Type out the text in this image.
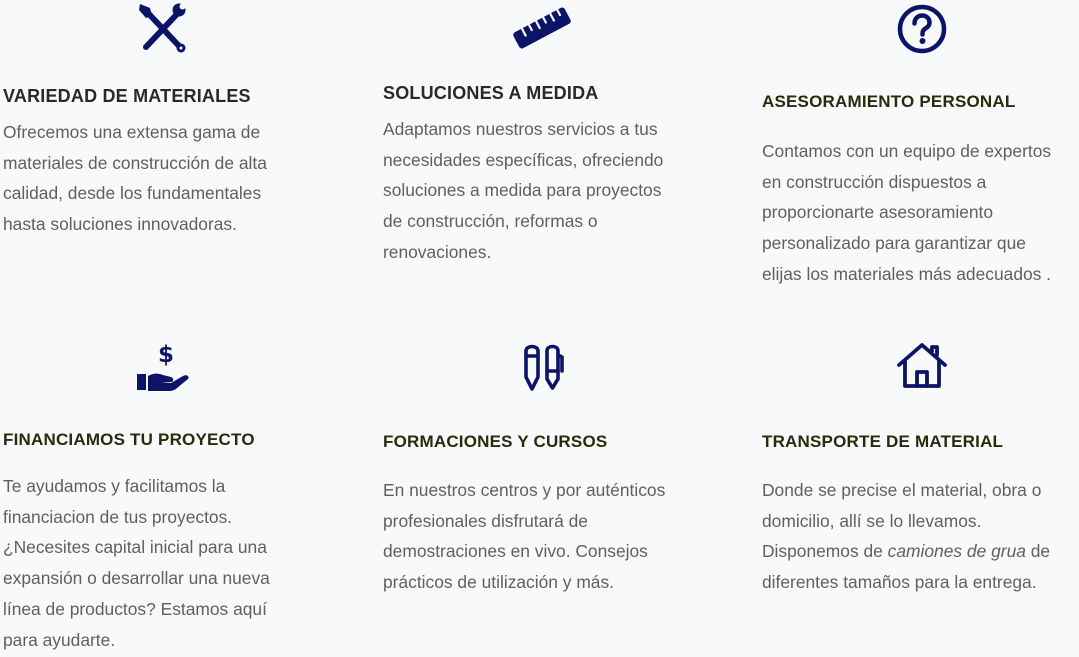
VARIEDAD DE MATERIALES

Ofrecemos una extensa gama de
materiales de construcción de alta
calidad, desde los fundamentales
hasta soluciones innovadoras.

SOLUCIONES A MEDIDA

Adaptamos nuestros servicios a tus
necesidades específicas, ofreciendo
soluciones a medida para proyectos
de construcción, reformas o
renovaciones.

ASESORAMIENTO PERSONAL

Contamos con un equipo de expertos
en construcción dispuestos a
proporcionarte asesoramiento
personalizado para garantizar que
elijas los materiales más adecuados .

$
FINANCIAMOS TU PROYECTO

Te ayudamos y facilitamos la
financiacion de tus proyectos.
¿Necesites capital inicial para una
expansión o desarrollar una nueva
línea de productos? Estamos aquí
para ayudarte.

FORMACIONES Y CURSOS

En nuestros centros y por auténticos
profesionales disfrutará de
demostraciones en vivo. Consejos
prácticos de utilización y más.

TRANSPORTE DE MATERIAL

Donde se precise el material, obra o
domicilio, allí se lo llevamos.
Disponemos de camiones de grua de
diferentes tamaños para la entrega.
